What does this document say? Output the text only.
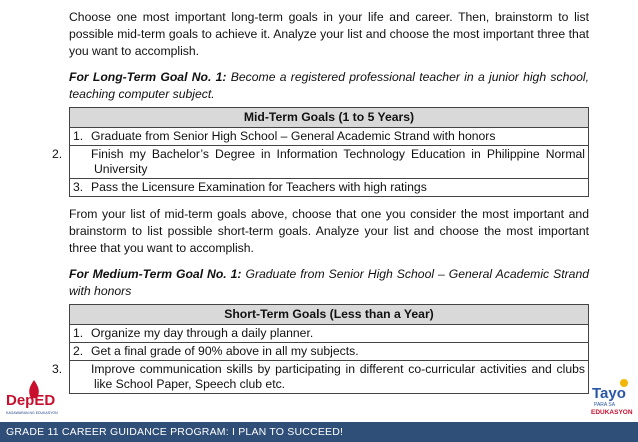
Choose one most important long-term goals in your life and career. Then, brainstorm to list possible mid-term goals to achieve it. Analyze your list and choose the most important three that you want to accomplish.

For Long-Term Goal No. 1: Become a registered professional teacher in a junior high school, teaching computer subject.

Mid-Term Goals (1 to 5 Years)
1. Graduate from Senior High School – General Academic Strand with honors

2. Finish my Bachelor’s Degree in Information Technology Education in Philippine Normal University

3. Pass the Licensure Examination for Teachers with high ratings

From your list of mid-term goals above, choose that one you consider the most important and brainstorm to list possible short-term goals. Analyze your list and choose the most important three that you want to accomplish.

For Medium-Term Goal No. 1: Graduate from Senior High School – General Academic Strand with honors

Short-Term Goals (Less than a Year)
1. Organize my day through a daily planner.
2. Get a final grade of 90% above in all my subjects.

3. Improve communication skills by participating in different co-curricular activities and clubs like School Paper, Speech club etc.
DepED
KAGAWARAN NG EDUKASYON
Tayo
PARA SA
EDUKASYON
GRADE 11 CAREER GUIDANCE PROGRAM: I PLAN TO SUCCEED!
